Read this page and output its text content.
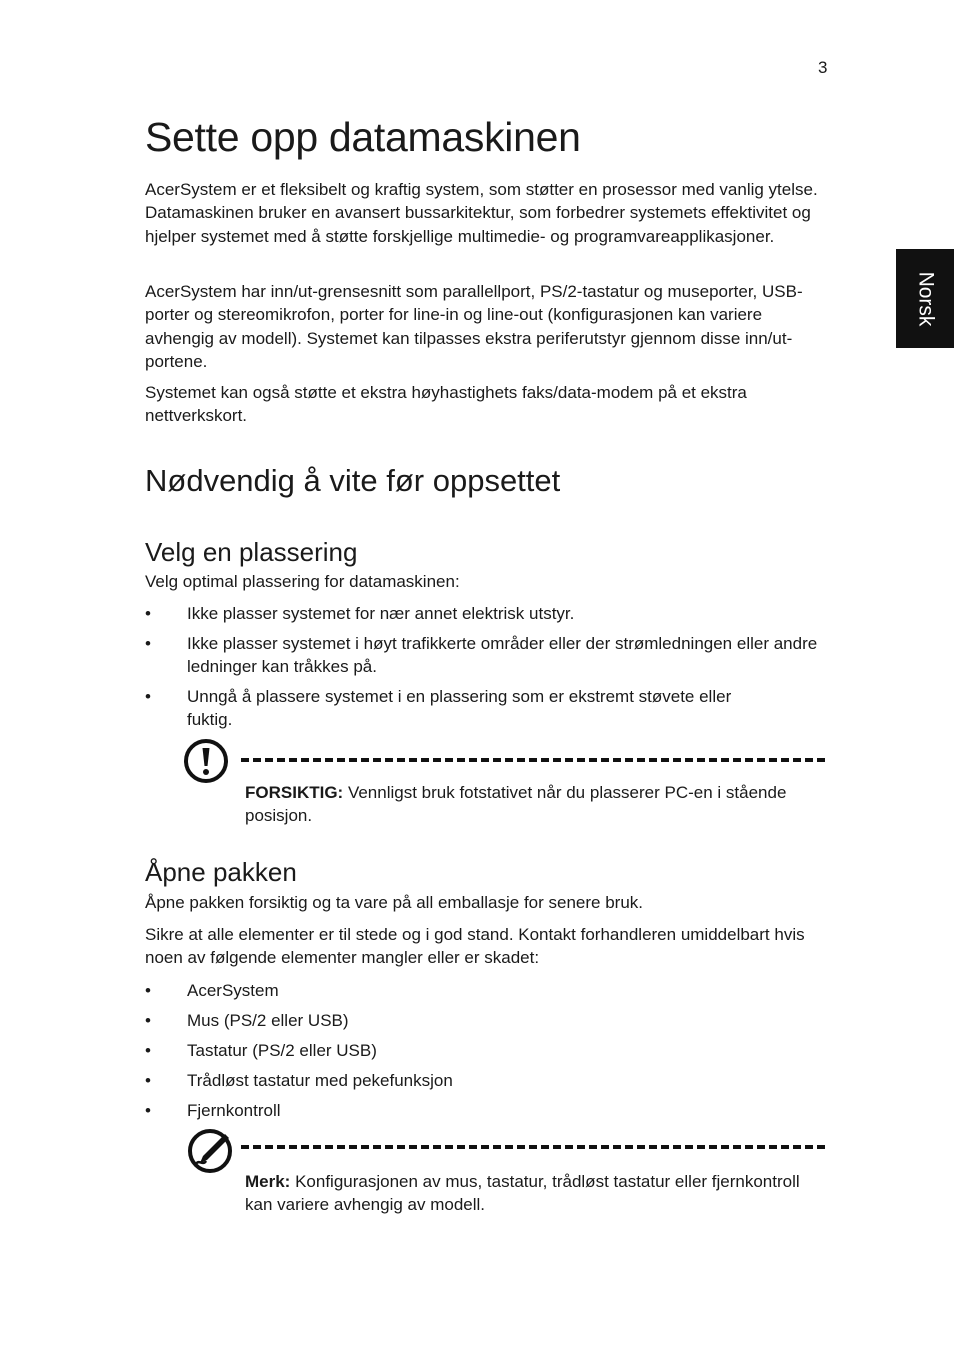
3
Norsk
Sette opp datamaskinen

AcerSystem er et fleksibelt og kraftig system, som støtter en prosessor med vanlig ytelse. Datamaskinen bruker en avansert bussarkitektur, som forbedrer systemets effektivitet og hjelper systemet med å støtte forskjellige multimedie- og programvareapplikasjoner.

AcerSystem har inn/ut-grensesnitt som parallellport, PS/2-tastatur og museporter, USB-porter og stereomikrofon, porter for line-in og line-out (konfigurasjonen kan variere avhengig av modell). Systemet kan tilpasses ekstra periferutstyr gjennom disse inn/ut-portene.

Systemet kan også støtte et ekstra høyhastighets faks/data-modem på et ekstra nettverkskort.

Nødvendig å vite før oppsettet
Velg en plassering

Velg optimal plassering for datamaskinen:

• Ikke plasser systemet for nær annet elektrisk utstyr.
• Ikke plasser systemet i høyt trafikkerte områder eller der strømledningen eller andre ledninger kan tråkkes på.
• Unngå å plassere systemet i en plassering som er ekstremt støvete eller fuktig.
FORSIKTIG: Vennligst bruk fotstativet når du plasserer PC-en i stående posisjon.
Åpne pakken

Åpne pakken forsiktig og ta vare på all emballasje for senere bruk.

Sikre at alle elementer er til stede og i god stand. Kontakt forhandleren umiddelbart hvis noen av følgende elementer mangler eller er skadet:

• AcerSystem
• Mus (PS/2 eller USB)
• Tastatur (PS/2 eller USB)
• Trådløst tastatur med pekefunksjon
• Fjernkontroll
Merk: Konfigurasjonen av mus, tastatur, trådløst tastatur eller fjernkontroll kan variere avhengig av modell.
